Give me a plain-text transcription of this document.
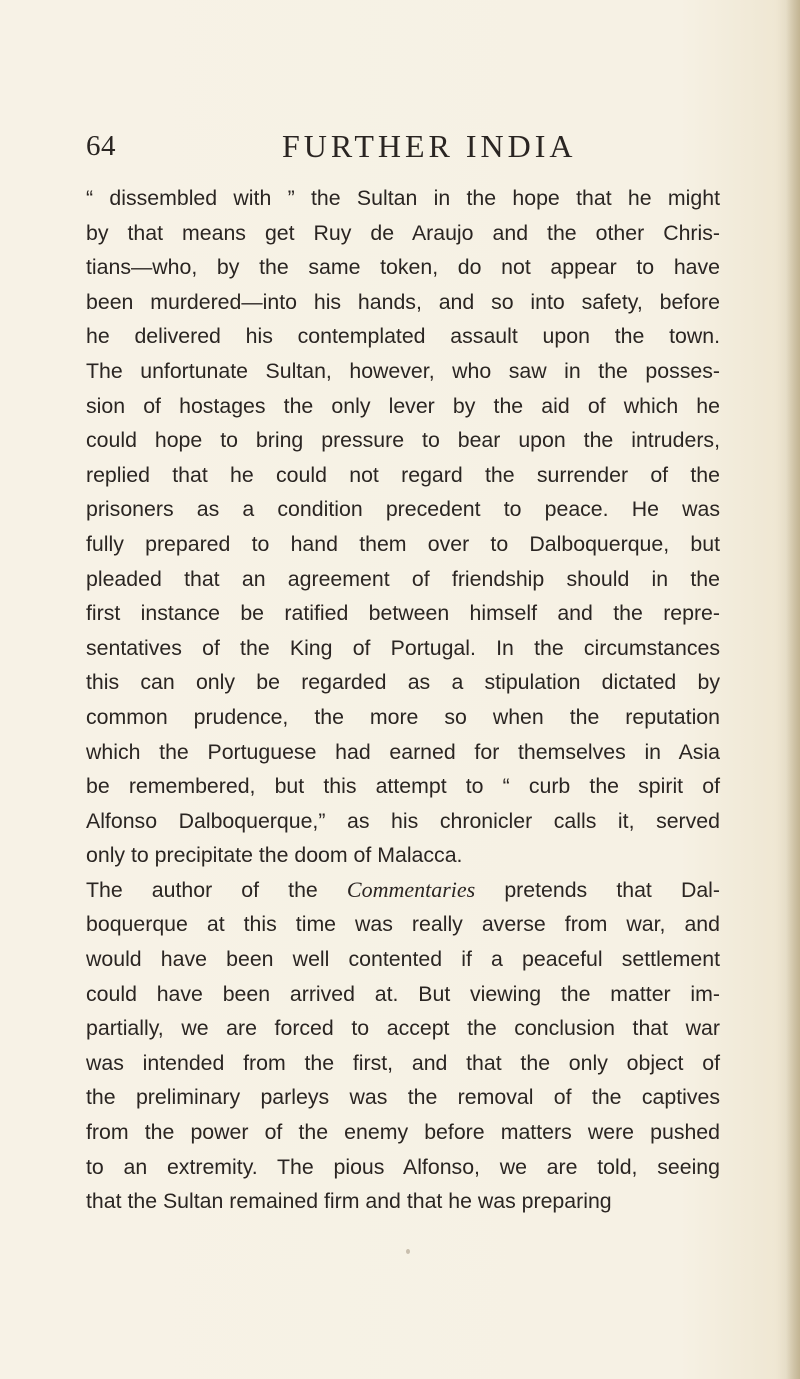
64	FURTHER INDIA
“ dissembled with ” the Sultan in the hope that he might
by that means get Ruy de Araujo and the other Chris-
tians—who, by the same token, do not appear to have
been murdered—into his hands, and so into safety, before
he delivered his contemplated assault upon the town.
The unfortunate Sultan, however, who saw in the posses-
sion of hostages the only lever by the aid of which he
could hope to bring pressure to bear upon the intruders,
replied that he could not regard the surrender of the
prisoners as a condition precedent to peace. He was
fully prepared to hand them over to Dalboquerque, but
pleaded that an agreement of friendship should in the
first instance be ratified between himself and the repre-
sentatives of the King of Portugal. In the circumstances
this can only be regarded as a stipulation dictated by
common prudence, the more so when the reputation
which the Portuguese had earned for themselves in Asia
be remembered, but this attempt to “ curb the spirit of
Alfonso Dalboquerque,” as his chronicler calls it, served
only to precipitate the doom of Malacca.
The author of the Commentaries pretends that Dal-
boquerque at this time was really averse from war, and
would have been well contented if a peaceful settlement
could have been arrived at. But viewing the matter im-
partially, we are forced to accept the conclusion that war
was intended from the first, and that the only object of
the preliminary parleys was the removal of the captives
from the power of the enemy before matters were pushed
to an extremity. The pious Alfonso, we are told, seeing
that the Sultan remained firm and that he was preparing
